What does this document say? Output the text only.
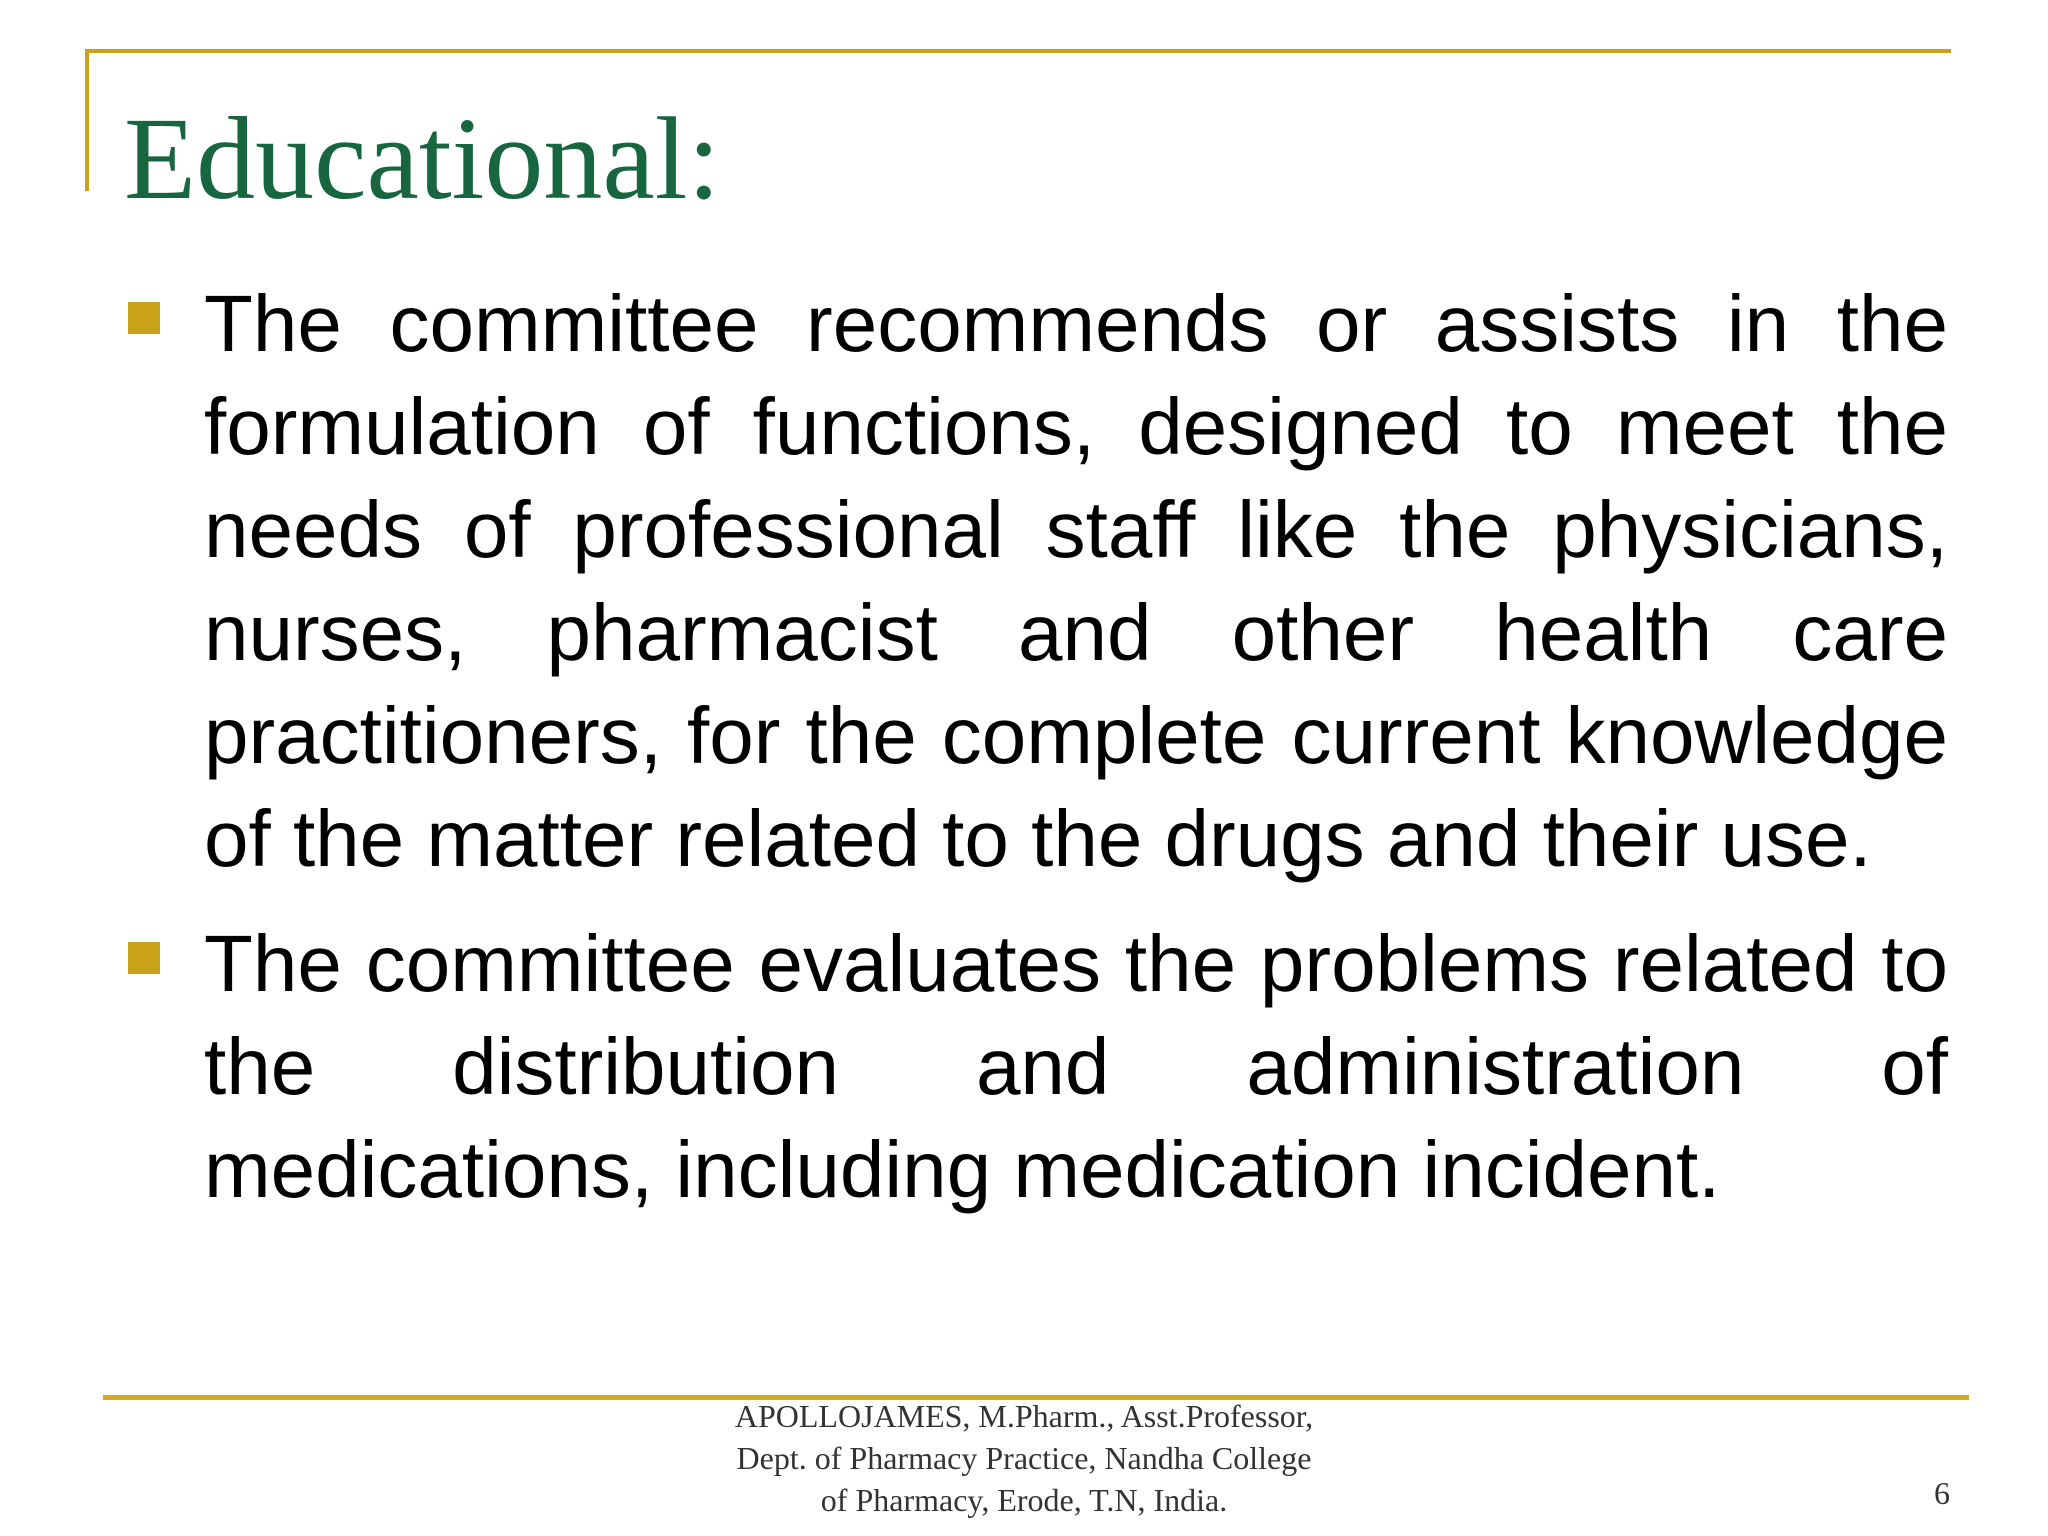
Educational:
The committee recommends or assists in the formulation of functions, designed to meet the needs of professional staff like the physicians, nurses, pharmacist and other health care practitioners, for the complete current knowledge of the matter related to the drugs and their use.
The committee evaluates the problems related to the distribution and administration of medications, including medication incident.
APOLLOJAMES, M.Pharm., Asst.Professor,
Dept. of Pharmacy Practice, Nandha College
of Pharmacy, Erode, T.N, India.	6
